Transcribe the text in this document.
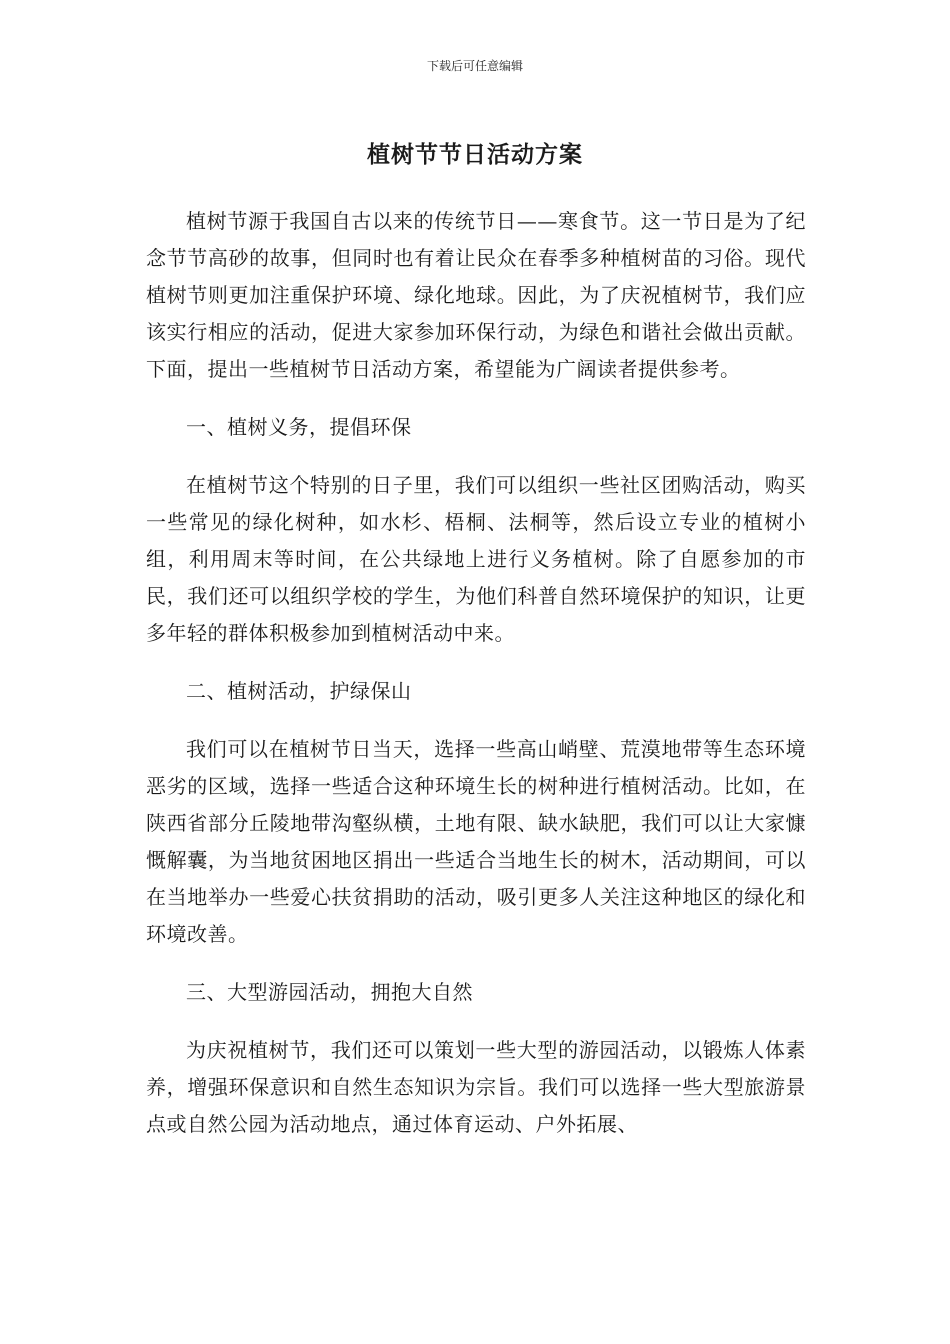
下载后可任意编辑
植树节节日活动方案

植树节源于我国自古以来的传统节日——寒食节。这一节日是为了纪念节节高砂的故事，但同时也有着让民众在春季多种植树苗的习俗。现代植树节则更加注重保护环境、绿化地球。因此，为了庆祝植树节，我们应该实行相应的活动，促进大家参加环保行动，为绿色和谐社会做出贡献。下面，提出一些植树节日活动方案，希望能为广阔读者提供参考。

一、植树义务，提倡环保

在植树节这个特别的日子里，我们可以组织一些社区团购活动，购买一些常见的绿化树种，如水杉、梧桐、法桐等，然后设立专业的植树小组，利用周末等时间，在公共绿地上进行义务植树。除了自愿参加的市民，我们还可以组织学校的学生，为他们科普自然环境保护的知识，让更多年轻的群体积极参加到植树活动中来。

二、植树活动，护绿保山

我们可以在植树节日当天，选择一些高山峭壁、荒漠地带等生态环境恶劣的区域，选择一些适合这种环境生长的树种进行植树活动。比如，在陕西省部分丘陵地带沟壑纵横，土地有限、缺水缺肥，我们可以让大家慷慨解囊，为当地贫困地区捐出一些适合当地生长的树木，活动期间，可以在当地举办一些爱心扶贫捐助的活动，吸引更多人关注这种地区的绿化和环境改善。

三、大型游园活动，拥抱大自然

为庆祝植树节，我们还可以策划一些大型的游园活动，以锻炼人体素养，增强环保意识和自然生态知识为宗旨。我们可以选择一些大型旅游景点或自然公园为活动地点，通过体育运动、户外拓展、
